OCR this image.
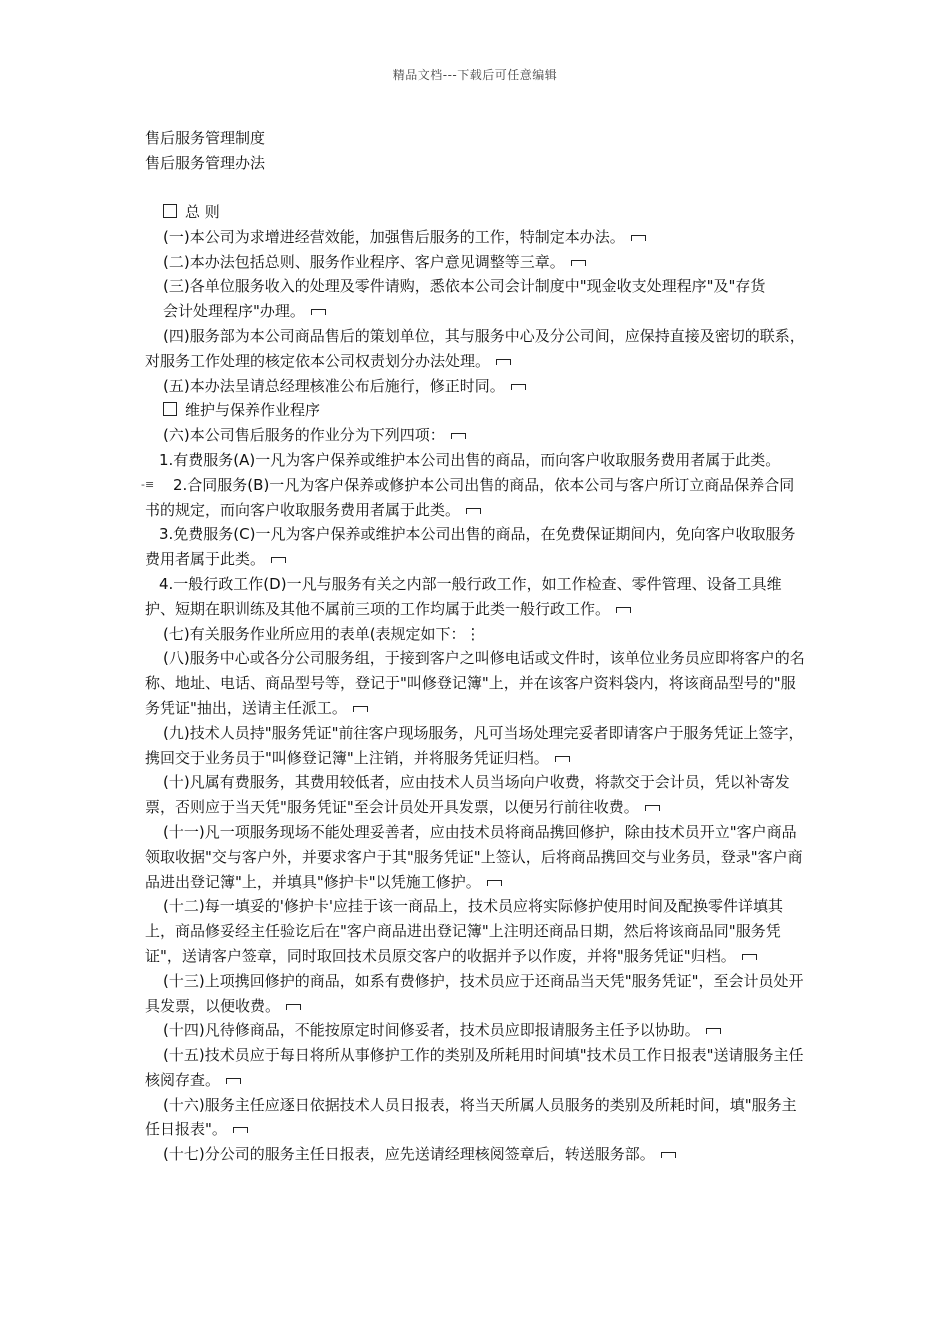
精品文档---下载后可任意编辑
售后服务管理制度
售后服务管理办法

总 则

(一)本公司为求增进经营效能，加强售后服务的工作，特制定本办法。

(二)本办法包括总则、服务作业程序、客户意见调整等三章。

(三)各单位服务收入的处理及零件请购，悉依本公司会计制度中"现金收支处理程序"及"存货会计处理程序"办理。

(四)服务部为本公司商品售后的策划单位，其与服务中心及分公司间，应保持直接及密切的联系，对服务工作处理的核定依本公司权责划分办法处理。

(五)本办法呈请总经理核准公布后施行，修正时同。

维护与保养作业程序

(六)本公司售后服务的作业分为下列四项：

1.有费服务(A)一凡为客户保养或维护本公司出售的商品，而向客户收取服务费用者属于此类。

-≡ 2.合同服务(B)一凡为客户保养或修护本公司出售的商品，依本公司与客户所订立商品保养合同书的规定，而向客户收取服务费用者属于此类。

3.免费服务(C)一凡为客户保养或维护本公司出售的商品，在免费保证期间内，免向客户收取服务费用者属于此类。

4.一般行政工作(D)一凡与服务有关之内部一般行政工作，如工作检查、零件管理、设备工具维护、短期在职训练及其他不属前三项的工作均属于此类一般行政工作。

(七)有关服务作业所应用的表单(表规定如下：⋮

(八)服务中心或各分公司服务组，于接到客户之叫修电话或文件时，该单位业务员应即将客户的名称、地址、电话、商品型号等，登记于"叫修登记簿"上，并在该客户资料袋内，将该商品型号的"服务凭证"抽出，送请主任派工。

(九)技术人员持"服务凭证"前往客户现场服务，凡可当场处理完妥者即请客户于服务凭证上签字，携回交于业务员于"叫修登记簿"上注销，并将服务凭证归档。

(十)凡属有费服务，其费用较低者，应由技术人员当场向户收费，将款交于会计员，凭以补寄发票，否则应于当天凭"服务凭证"至会计员处开具发票，以便另行前往收费。

(十一)凡一项服务现场不能处理妥善者，应由技术员将商品携回修护，除由技术员开立"客户商品领取收据"交与客户外，并要求客户于其"服务凭证"上签认，后将商品携回交与业务员，登录"客户商品进出登记簿"上，并填具"修护卡"以凭施工修护。

(十二)每一填妥的'修护卡'应挂于该一商品上，技术员应将实际修护使用时间及配换零件详填其上，商品修妥经主任验讫后在"客户商品进出登记簿"上注明还商品日期，然后将该商品同"服务凭证"，送请客户签章，同时取回技术员原交客户的收据并予以作废，并将"服务凭证"归档。

(十三)上项携回修护的商品，如系有费修护，技术员应于还商品当天凭"服务凭证"，至会计员处开具发票，以便收费。

(十四)凡待修商品，不能按原定时间修妥者，技术员应即报请服务主任予以协助。

(十五)技术员应于每日将所从事修护工作的类别及所耗用时间填"技术员工作日报表"送请服务主任核阅存查。

(十六)服务主任应逐日依据技术人员日报表，将当天所属人员服务的类别及所耗时间，填"服务主任日报表"。

(十七)分公司的服务主任日报表，应先送请经理核阅签章后，转送服务部。
